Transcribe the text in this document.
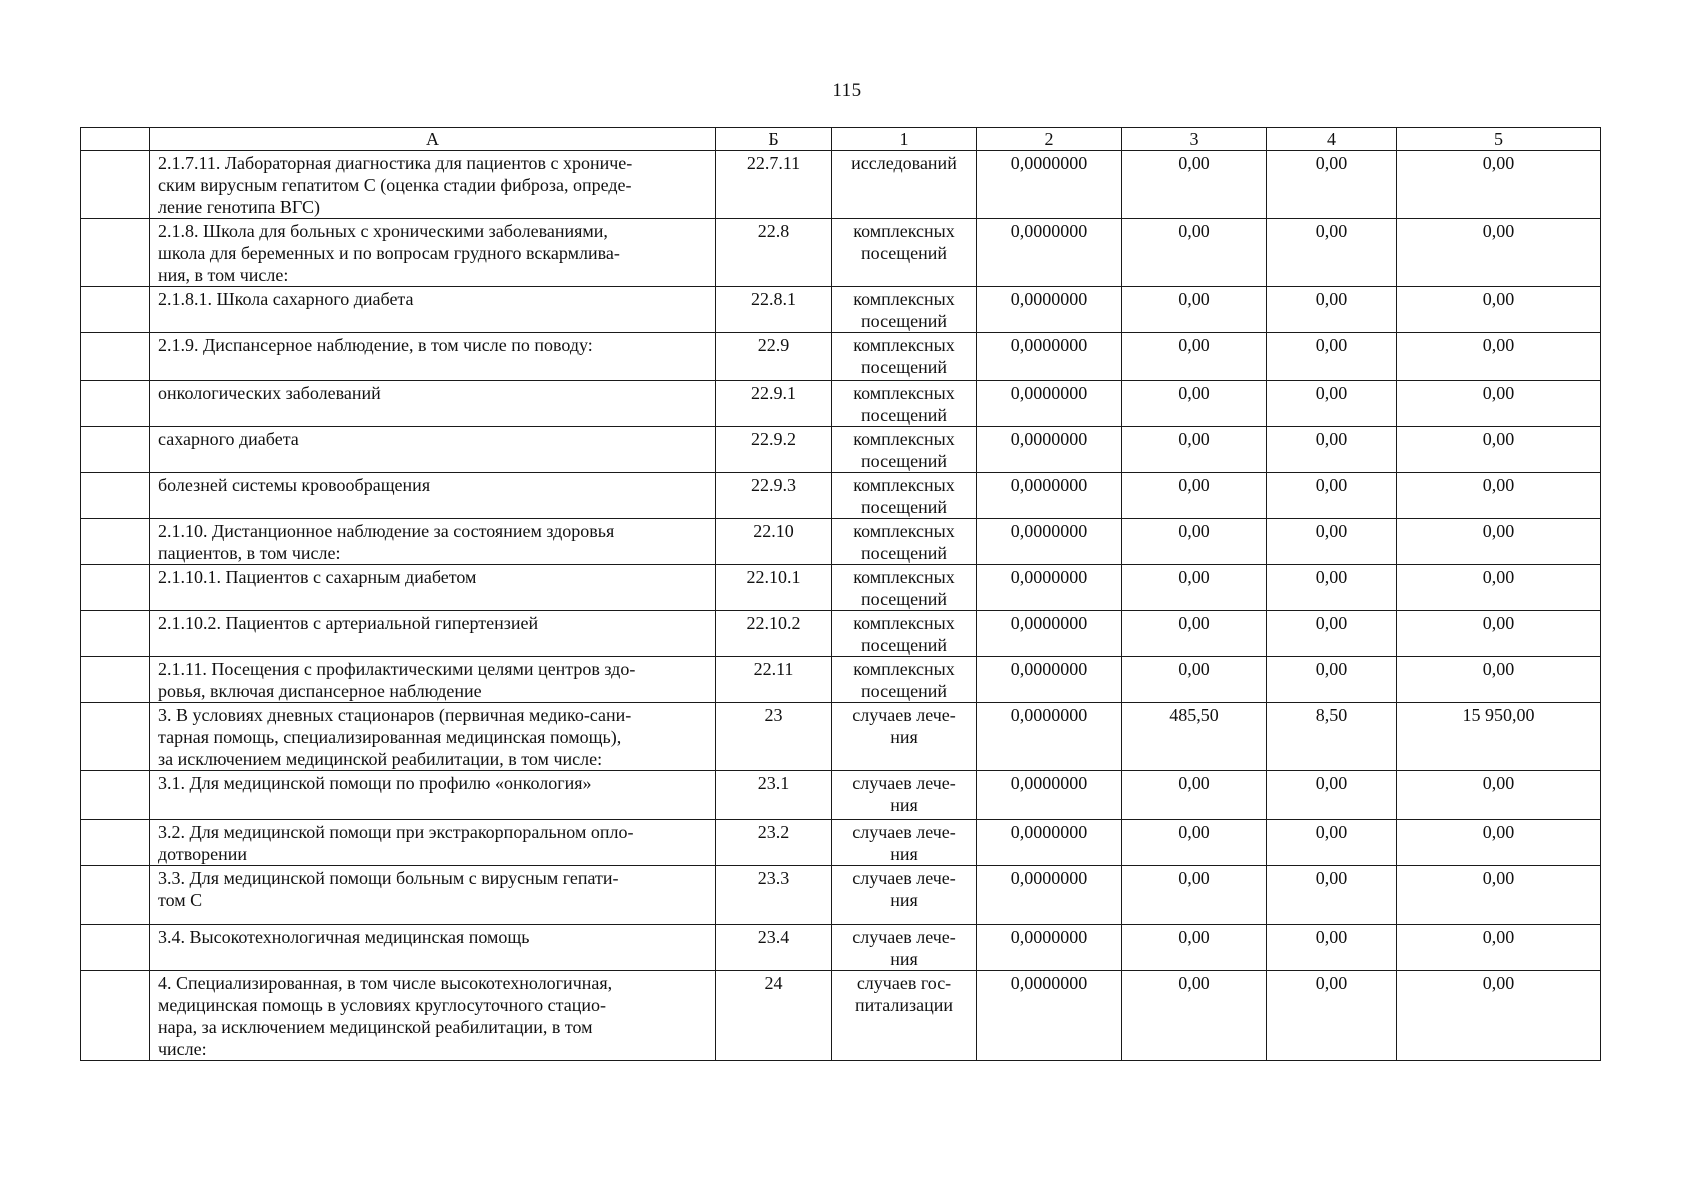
115
	А	Б	1	2	3	4	5
	2.1.7.11. Лабораторная диагностика для пациентов с хрониче-
ским вирусным гепатитом С (оценка стадии фиброза, опреде-
ление генотипа ВГС)	22.7.11	исследований	0,0000000	0,00	0,00	0,00
	2.1.8. Школа для больных с хроническими заболеваниями,
школа для беременных и по вопросам грудного вскармлива-
ния, в том числе:	22.8	комплексных
посещений	0,0000000	0,00	0,00	0,00
	2.1.8.1. Школа сахарного диабета	22.8.1	комплексных
посещений	0,0000000	0,00	0,00	0,00
	2.1.9. Диспансерное наблюдение, в том числе по поводу:	22.9	комплексных
посещений	0,0000000	0,00	0,00	0,00
	онкологических заболеваний	22.9.1	комплексных
посещений	0,0000000	0,00	0,00	0,00
	сахарного диабета	22.9.2	комплексных
посещений	0,0000000	0,00	0,00	0,00
	болезней системы кровообращения	22.9.3	комплексных
посещений	0,0000000	0,00	0,00	0,00
	2.1.10. Дистанционное наблюдение за состоянием здоровья
пациентов, в том числе:	22.10	комплексных
посещений	0,0000000	0,00	0,00	0,00
	2.1.10.1. Пациентов с сахарным диабетом	22.10.1	комплексных
посещений	0,0000000	0,00	0,00	0,00
	2.1.10.2. Пациентов с артериальной гипертензией	22.10.2	комплексных
посещений	0,0000000	0,00	0,00	0,00
	2.1.11. Посещения с профилактическими целями центров здо-
ровья, включая диспансерное наблюдение	22.11	комплексных
посещений	0,0000000	0,00	0,00	0,00
	3. В условиях дневных стационаров (первичная медико-сани-
тарная помощь, специализированная медицинская помощь),
за исключением медицинской реабилитации, в том числе:	23	случаев лече-
ния	0,0000000	485,50	8,50	15 950,00
	3.1. Для медицинской помощи по профилю «онкология»	23.1	случаев лече-
ния	0,0000000	0,00	0,00	0,00
	3.2. Для медицинской помощи при экстракорпоральном опло-
дотворении	23.2	случаев лече-
ния	0,0000000	0,00	0,00	0,00
	3.3. Для медицинской помощи больным с вирусным гепати-
том С	23.3	случаев лече-
ния	0,0000000	0,00	0,00	0,00
	3.4. Высокотехнологичная медицинская помощь	23.4	случаев лече-
ния	0,0000000	0,00	0,00	0,00
	4. Специализированная, в том числе высокотехнологичная,
медицинская помощь в условиях круглосуточного стацио-
нара, за исключением медицинской реабилитации, в том
числе:	24	случаев гос-
питализации	0,0000000	0,00	0,00	0,00
